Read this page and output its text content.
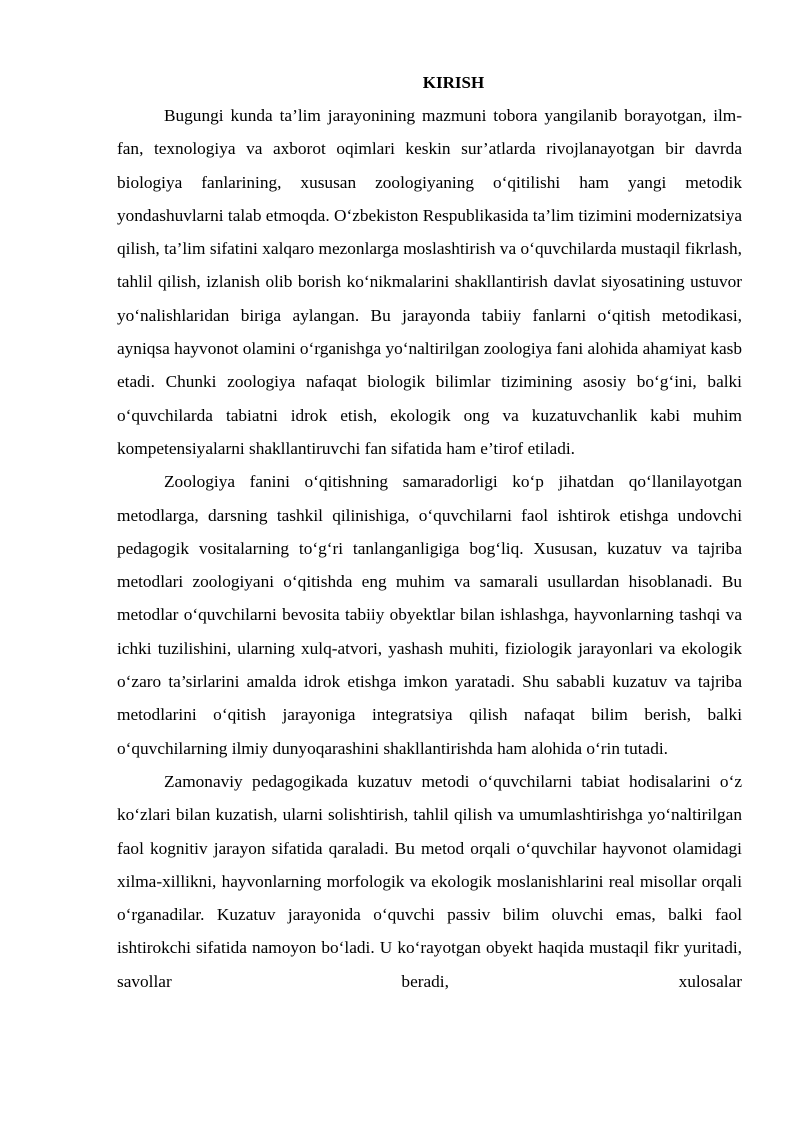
KIRISH

Bugungi kunda ta’lim jarayonining mazmuni tobora yangilanib borayotgan, ilm-fan, texnologiya va axborot oqimlari keskin sur’atlarda rivojlanayotgan bir davrda biologiya fanlarining, xususan zoologiyaning o‘qitilishi ham yangi metodik yondashuvlarni talab etmoqda. O‘zbekiston Respublikasida ta’lim tizimini modernizatsiya qilish, ta’lim sifatini xalqaro mezonlarga moslashtirish va o‘quvchilarda mustaqil fikrlash, tahlil qilish, izlanish olib borish ko‘nikmalarini shakllantirish davlat siyosatining ustuvor yo‘nalishlaridan biriga aylangan. Bu jarayonda tabiiy fanlarni o‘qitish metodikasi, ayniqsa hayvonot olamini o‘rganishga yo‘naltirilgan zoologiya fani alohida ahamiyat kasb etadi. Chunki zoologiya nafaqat biologik bilimlar tizimining asosiy bo‘g‘ini, balki o‘quvchilarda tabiatni idrok etish, ekologik ong va kuzatuvchanlik kabi muhim kompetensiyalarni shakllantiruvchi fan sifatida ham e’tirof etiladi.

Zoologiya fanini o‘qitishning samaradorligi ko‘p jihatdan qo‘llanilayotgan metodlarga, darsning tashkil qilinishiga, o‘quvchilarni faol ishtirok etishga undovchi pedagogik vositalarning to‘g‘ri tanlanganligiga bog‘liq. Xususan, kuzatuv va tajriba metodlari zoologiyani o‘qitishda eng muhim va samarali usullardan hisoblanadi. Bu metodlar o‘quvchilarni bevosita tabiiy obyektlar bilan ishlashga, hayvonlarning tashqi va ichki tuzilishini, ularning xulq-atvori, yashash muhiti, fiziologik jarayonlari va ekologik o‘zaro ta’sirlarini amalda idrok etishga imkon yaratadi. Shu sababli kuzatuv va tajriba metodlarini o‘qitish jarayoniga integratsiya qilish nafaqat bilim berish, balki o‘quvchilarning ilmiy dunyoqarashini shakllantirishda ham alohida o‘rin tutadi.

Zamonaviy pedagogikada kuzatuv metodi o‘quvchilarni tabiat hodisalarini o‘z ko‘zlari bilan kuzatish, ularni solishtirish, tahlil qilish va umumlashtirishga yo‘naltirilgan faol kognitiv jarayon sifatida qaraladi. Bu metod orqali o‘quvchilar hayvonot olamidagi xilma-xillikni, hayvonlarning morfologik va ekologik moslanishlarini real misollar orqali o‘rganadilar. Kuzatuv jarayonida o‘quvchi passiv bilim oluvchi emas, balki faol ishtirokchi sifatida namoyon bo‘ladi. U ko‘rayotgan obyekt haqida mustaqil fikr yuritadi, savollar beradi, xulosalar
